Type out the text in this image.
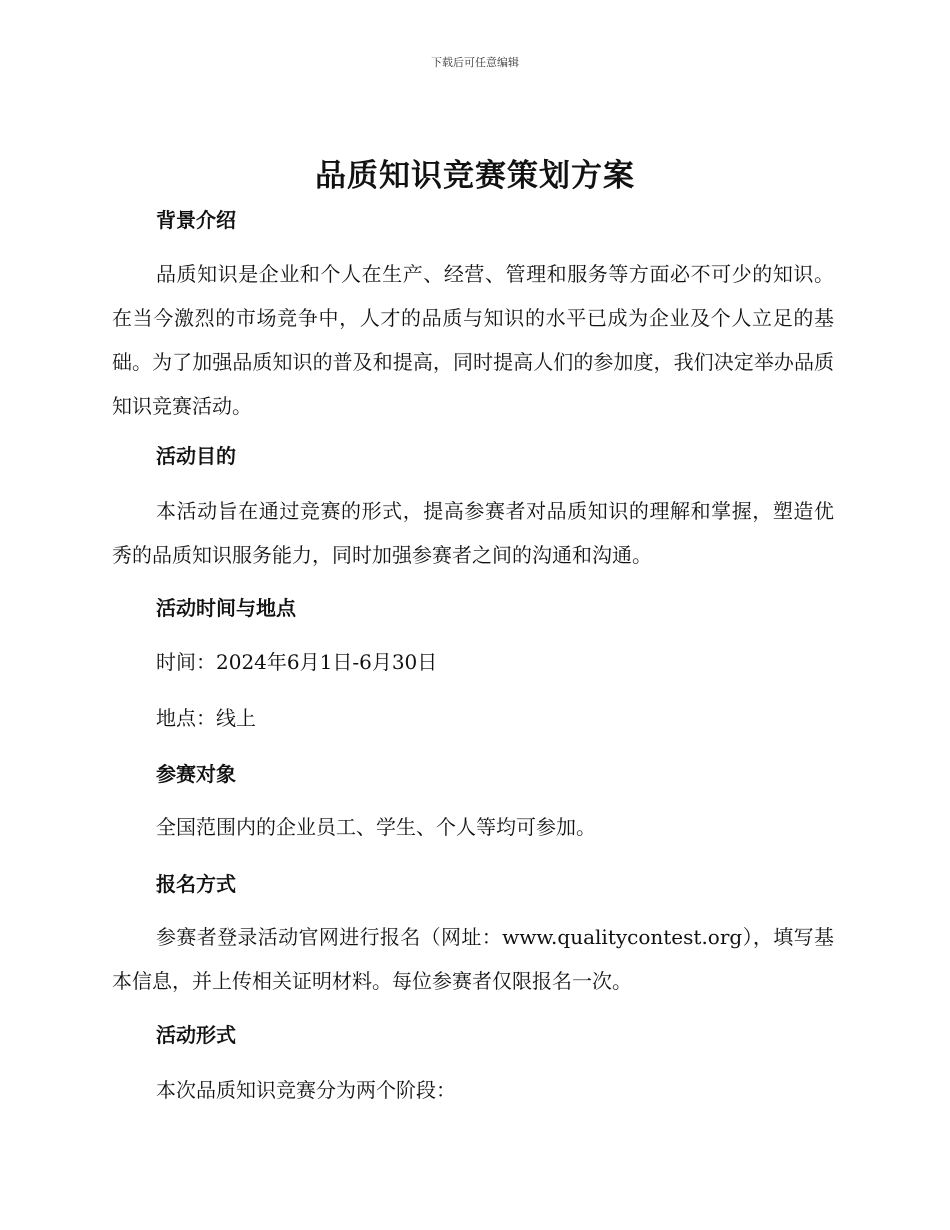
下载后可任意编辑
品质知识竞赛策划方案
背景介绍
品质知识是企业和个人在生产、经营、管理和服务等方面必不可少的知识。在当今激烈的市场竞争中，人才的品质与知识的水平已成为企业及个人立足的基础。为了加强品质知识的普及和提高，同时提高人们的参加度，我们决定举办品质知识竞赛活动。
活动目的
本活动旨在通过竞赛的形式，提高参赛者对品质知识的理解和掌握，塑造优秀的品质知识服务能力，同时加强参赛者之间的沟通和沟通。
活动时间与地点
时间：2024年6月1日-6月30日
地点：线上
参赛对象
全国范围内的企业员工、学生、个人等均可参加。
报名方式
参赛者登录活动官网进行报名（网址：www.qualitycontest.org），填写基本信息，并上传相关证明材料。每位参赛者仅限报名一次。
活动形式
本次品质知识竞赛分为两个阶段：
